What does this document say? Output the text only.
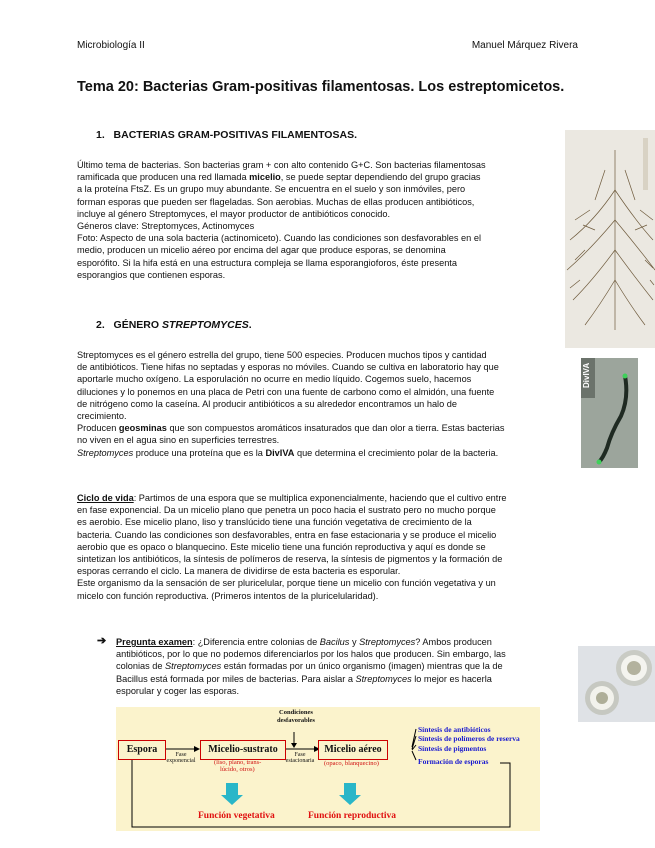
Microbiología II	Manuel Márquez Rivera
Tema 20: Bacterias Gram-positivas filamentosas. Los estreptomicetos.
1. BACTERIAS GRAM-POSITIVAS FILAMENTOSAS.

Último tema de bacterias. Son bacterias gram + con alto contenido G+C. Son bacterias filamentosas

ramificada que producen una red llamada micelio, se puede septar dependiendo del grupo gracias

a la proteína FtsZ. Es un grupo muy abundante. Se encuentra en el suelo y son inmóviles, pero

forman esporas que pueden ser flageladas. Son aerobias. Muchas de ellas producen antibióticos,

incluye al género Streptomyces, el mayor productor de antibióticos conocido.

Géneros clave: Streptomyces, Actinomyces

Foto: Aspecto de una sola bacteria (actinomiceto). Cuando las condiciones son desfavorables en el

medio, producen un micelio aéreo por encima del agar que produce esporas, se denomina

esporófito. Si la hifa está en una estructura compleja se llama esporangioforos, éste presenta

esporangios que contienen esporas.

2. GÉNERO STREPTOMYCES.

Streptomyces es el género estrella del grupo, tiene 500 especies. Producen muchos tipos y cantidad

de antibióticos. Tiene hifas no septadas y esporas no móviles. Cuando se cultiva en laboratorio hay que

aportarle mucho oxígeno. La esporulación no ocurre en medio líquido. Cogemos suelo, hacemos

diluciones y lo ponemos en una placa de Petri con una fuente de carbono como el almidón, una fuente

de nitrógeno como la caseína. Al producir antibióticos a su alrededor encontramos un halo de

crecimiento.

Producen geosminas que son compuestos aromáticos insaturados que dan olor a tierra. Estas bacterias

no viven en el agua sino en superficies terrestres.

Streptomyces produce una proteína que es la DivIVA que determina el crecimiento polar de la bacteria.

Ciclo de vida: Partimos de una espora que se multiplica exponencialmente, haciendo que el cultivo entre

en fase exponencial. Da un micelio plano que penetra un poco hacia el sustrato pero no mucho porque

es aerobio. Ese micelio plano, liso y translúcido tiene una función vegetativa de crecimiento de la

bacteria. Cuando las condiciones son desfavorables, entra en fase estacionaria y se produce el micelio

aerobio que es opaco o blanquecino. Este micelio tiene una función reproductiva y aquí es donde se

sintetizan los antibióticos, la síntesis de polímeros de reserva, la síntesis de pigmentos y la formación de

esporas cerrando el ciclo. La manera de dividirse de esta bacteria es esporular.

Este organismo da la sensación de ser pluricelular, porque tiene un micelio con función vegetativa y un

micelo con función reproductiva. (Primeros intentos de la pluricelularidad).

➔ Pregunta examen: ¿Diferencia entre colonias de Bacilus y Streptomyces? Ambos producen

antibióticos, por lo que no podemos diferenciarlos por los halos que producen. Sin embargo, las

colonias de Streptomyces están formadas por un único organismo (imagen) mientras que la de

Bacillus está formada por miles de bacterias. Para aislar a Streptomyces lo mejor es hacerla

esporular y coger las esporas.

DivIVA
Espora	Micelio-sustrato	Micelio aéreo
(liso, plano, trans-
lúcido, otros)
(opaco, blanquecino)
Condiciones
desfavorables
Fase
exponencial
Fase
estacionaria
Síntesis de antibióticos
Síntesis de polímeros de reserva
Síntesis de pigmentos
Formación de esporas
Función vegetativa	Función reproductiva
